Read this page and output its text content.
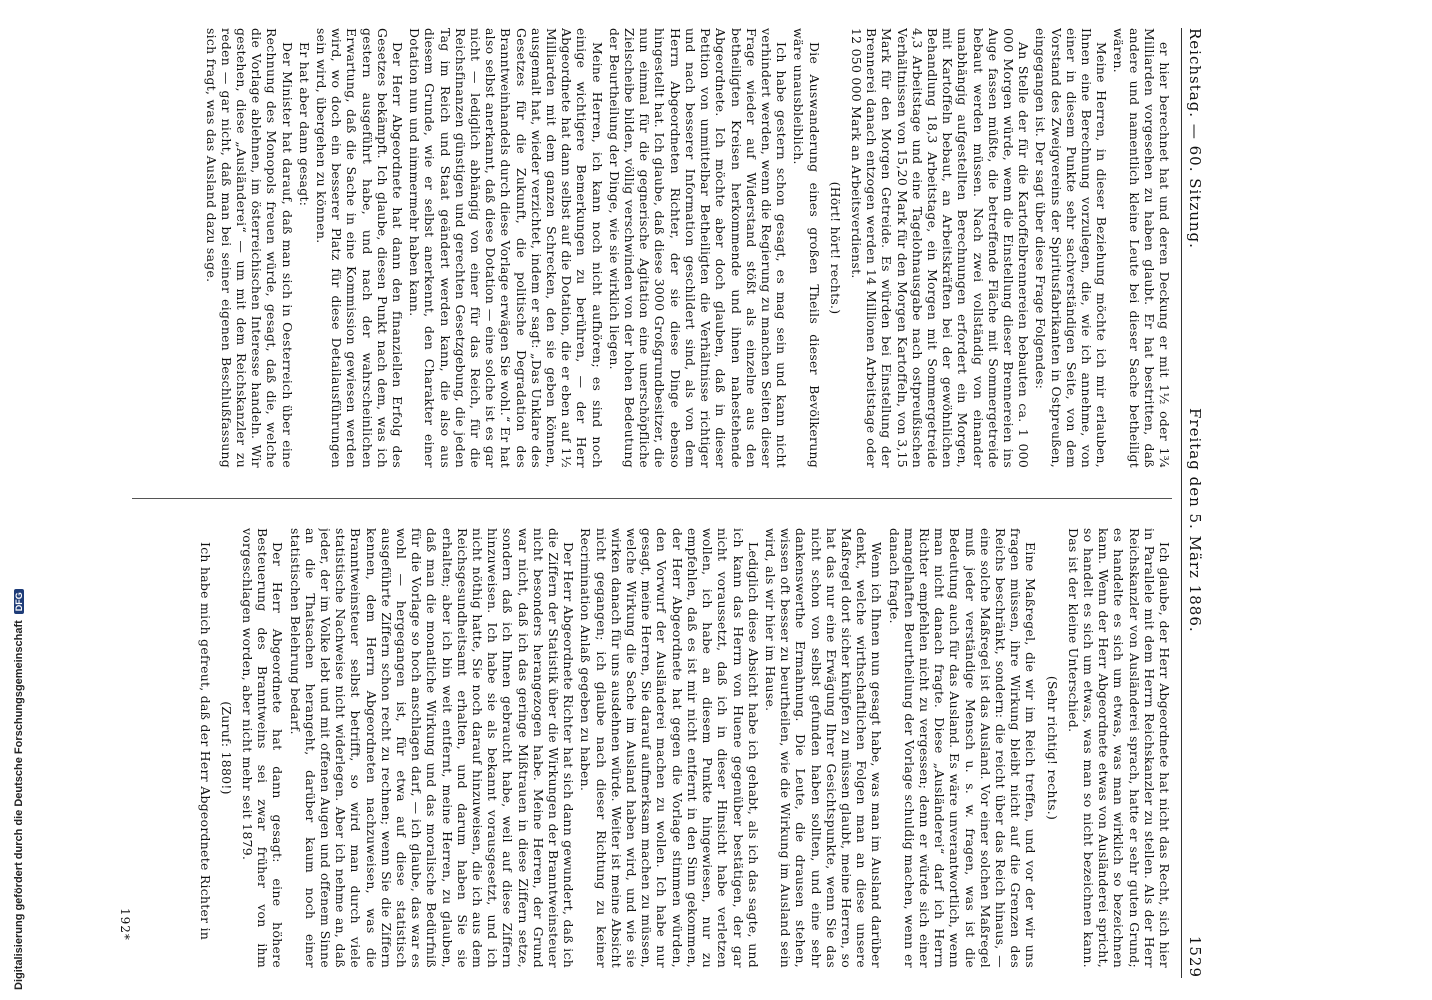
Digitalisierung gefördert durch die Deutsche Forschungsgemeinschaft
DFG
Reichstag. — 60. Sitzung.
Freitag den 5. März 1886.
1529

er hier berechnet hat und deren Deckung er mit 1½ oder 1¾ Milliarden vorgesehen zu haben glaubt. Er hat bestritten, daß andere und namentlich kleine Leute bei dieser Sache betheiligt wären.

Meine Herren, in dieser Beziehung möchte ich mir erlauben, Ihnen eine Berechnung vorzulegen, die, wie ich annehme, von einer in diesem Punkte sehr sachverständigen Seite, von dem Vorstand des Zweigvereins der Spiritusfabrikanten in Ostpreußen, eingegangen ist. Der sagt über diese Frage Folgendes:

An Stelle der für die Kartoffelbrennereien bebauten ca. 1 000 000 Morgen würde, wenn die Einstellung dieser Brennereien ins Auge fassen müßte, die betreffende Fläche mit Sommergetreide bebaut werden müssen. Nach zwei vollständig von einander unabhängig aufgestellten Berechnungen erfordert ein Morgen, mit Kartoffeln bebaut, an Arbeitskräften bei der gewöhnlichen Behandlung 18,3 Arbeitstage, ein Morgen mit Sommergetreide 4,3 Arbeitstage und eine Tagelohnausgabe nach ostpreußischen Verhältnissen von 15,20 Mark für den Morgen Kartoffeln, von 3,15 Mark für den Morgen Getreide. Es würden bei Einstellung der Brennerei danach entzogen werden 14 Millionen Arbeitstage oder 12 050 000 Mark an Arbeitsverdienst.

(Hört! hört! rechts.)

Die Auswanderung eines großen Theils dieser Bevölkerung wäre unausbleiblich.

Ich habe gestern schon gesagt, es mag sein und kann nicht verhindert werden, wenn die Regierung zu manchen Seiten dieser Frage wieder auf Widerstand stößt als einzelne aus den betheiligten Kreisen herkommende und ihnen nahestehende Abgeordnete. Ich möchte aber doch glauben, daß in dieser Petition von unmittelbar Betheiligten die Verhältnisse richtiger und nach besserer Information geschildert sind, als von dem Herrn Abgeordneten Richter, der sie diese Dinge ebenso hingestellt hat. Ich glaube, daß diese 3000 Großgrundbesitzer, die nun einmal für die gegnerische Agitation eine unerschöpfliche Zielscheibe bilden, völlig verschwinden von der hohen Bedeutung der Beurtheilung der Dinge, wie sie wirklich liegen.

Meine Herren, ich kann noch nicht aufhören; es sind noch einige wichtigere Bemerkungen zu berühren, — der Herr Abgeordnete hat dann selbst auf die Dotation, die er eben auf 1½ Milliarden mit dem ganzen Schrecken, den sie geben können, ausgemalt hat, wieder verzichtet, indem er sagt: „Das Unklare des Gesetzes für die Zukunft, die politische Degradation des Branntweinhandels durch diese Vorlage erwägen Sie wohl.“ Er hat also selbst anerkannt, daß diese Dotation — eine solche ist es gar nicht — lediglich abhängig von einer für das Reich, für die Reichsfinanzen günstigen und gerechten Gesetzgebung, die jeden Tag im Reich und Staat geändert werden kann, die also aus diesem Grunde, wie er selbst anerkennt, den Charakter einer Dotation nun und nimmermehr haben kann.

Der Herr Abgeordnete hat dann den finanziellen Erfolg des Gesetzes bekämpft. Ich glaube, diesen Punkt nach dem, was ich gestern ausgeführt habe, und nach der wahrscheinlichen Erwartung, daß die Sache in eine Kommission gewiesen werden wird, wo doch ein besserer Platz für diese Detailausführungen sein wird, übergehen zu können.

Er hat aber dann gesagt:

Der Minister hat darauf, daß man sich in Oesterreich über eine Rechnung des Monopols freuen würde, gesagt, daß die, welche die Vorlage ablehnen, im österreichischen Interesse handeln. Wir gestehen, diese „Ausländerei“ — um mit dem Reichskanzler zu reden — gar nicht, daß man bei seiner eigenen Beschlußfassung sich fragt, was das Ausland dazu sage.

Ich glaube, der Herr Abgeordnete hat nicht das Recht, sich hier in Parallele mit dem Herrn Reichskanzler zu stellen. Als der Herr Reichskanzler von Ausländerei sprach, hatte er sehr guten Grund; es handelte es sich um etwas, was man wirklich so bezeichnen kann. Wenn der Herr Abgeordnete etwas von Ausländerei spricht, so handelt es sich um etwas, was man so nicht bezeichnen kann. Das ist der kleine Unterschied.

(Sehr richtig! rechts.)

Eine Maßregel, die wir im Reich treffen, und vor der wir uns fragen müssen, ihre Wirkung bleibt nicht auf die Grenzen des Reichs beschränkt, sondern: die reicht über das Reich hinaus, — eine solche Maßregel ist das Ausland. Vor einer solchen Maßregel muß jeder verständige Mensch u. s. w. fragen, was ist die Bedeutung auch für das Ausland. Es wäre unverantwortlich, wenn man nicht danach fragte. Diese „Ausländerei“ darf ich Herrn Richter empfehlen nicht zu vergessen; denn er würde sich einer mangelhaften Beurtheilung der Vorlage schuldig machen, wenn er danach fragte.

Wenn ich Ihnen nun gesagt habe, was man im Ausland darüber denkt, welche wirthschaftlichen Folgen man an diese unsere Maßregel dort sicher knüpfen zu müssen glaubt, meine Herren, so hat das nur eine Erwägung Ihrer Gesichtspunkte, wenn Sie das nicht schon von selbst gefunden haben sollten, und eine sehr dankenswerthe Ermahnung. Die Leute, die drausen stehen, wissen oft besser zu beurtheilen, wie die Wirkung im Ausland sein wird, als wir hier im Hause.

Lediglich diese Absicht habe ich gehabt, als ich das sagte, und ich kann das Herrn von Huene gegenüber bestätigen, der gar nicht voraussetzt, daß ich in dieser Hinsicht habe verletzen wollen, ich habe an diesem Punkte hingewiesen, nur zu empfehlen, daß es ist mir nicht entfernt in den Sinn gekommen, der Herr Abgeordnete hat gegen die Vorlage stimmen würden, den Vorwurf der Ausländerei machen zu wollen. Ich habe nur gesagt, meine Herren, Sie darauf aufmerksam machen zu müssen, welche Wirkung die Sache im Ausland haben wird, und wie sie wirken danach für uns ausdehnen würde. Weiter ist meine Absicht nicht gegangen; ich glaube nach dieser Richtung zu keiner Recrimination Anlaß gegeben zu haben.

Der Herr Abgeordnete Richter hat sich dann gewundert, daß ich die Ziffern der Statistik über die Wirkungen der Branntweinsteuer nicht besonders herangezogen habe. Meine Herren, der Grund war nicht, daß ich das geringe Mißtrauen in diese Ziffern setze, sondern daß ich Ihnen gebraucht habe, weil auf diese Ziffern hinzuweisen. Ich habe sie als bekannt vorausgesetzt, und ich nicht nöthig hatte, Sie noch darauf hinzuweisen, die ich aus dem Reichsgesundheitsamt erhalten, und darum haben Sie sie erhalten; aber ich bin weit entfernt, meine Herren, zu glauben, daß man die monatliche Wirkung und das moralische Bedürfniß für die Vorlage so hoch anschlagen darf, — ich glaube, das war es wohl — hergegangen ist, für etwa auf diese statistisch ausgeführte Ziffern schon recht zu rechnen; wenn Sie die Ziffern kennen, dem Herrn Abgeordneten nachzuweisen, was die Branntweinsteuer selbst betrifft, so wird man durch viele statistische Nachweise nicht widerlegen. Aber ich nehme an, daß jeder, der im Volke lebt und mit offenen Augen und offenem Sinne an die Thatsachen herangeht, darüber kaum noch einer statistischen Belehrung bedarf.

Der Herr Abgeordnete hat dann gesagt: eine höhere Besteuerung des Branntweins sei zwar früher von ihm vorgeschlagen worden, aber nicht mehr seit 1879.

(Zuruf: 1880!)

Ich habe mich gefreut, daß der Herr Abgeordnete Richter in

192*
